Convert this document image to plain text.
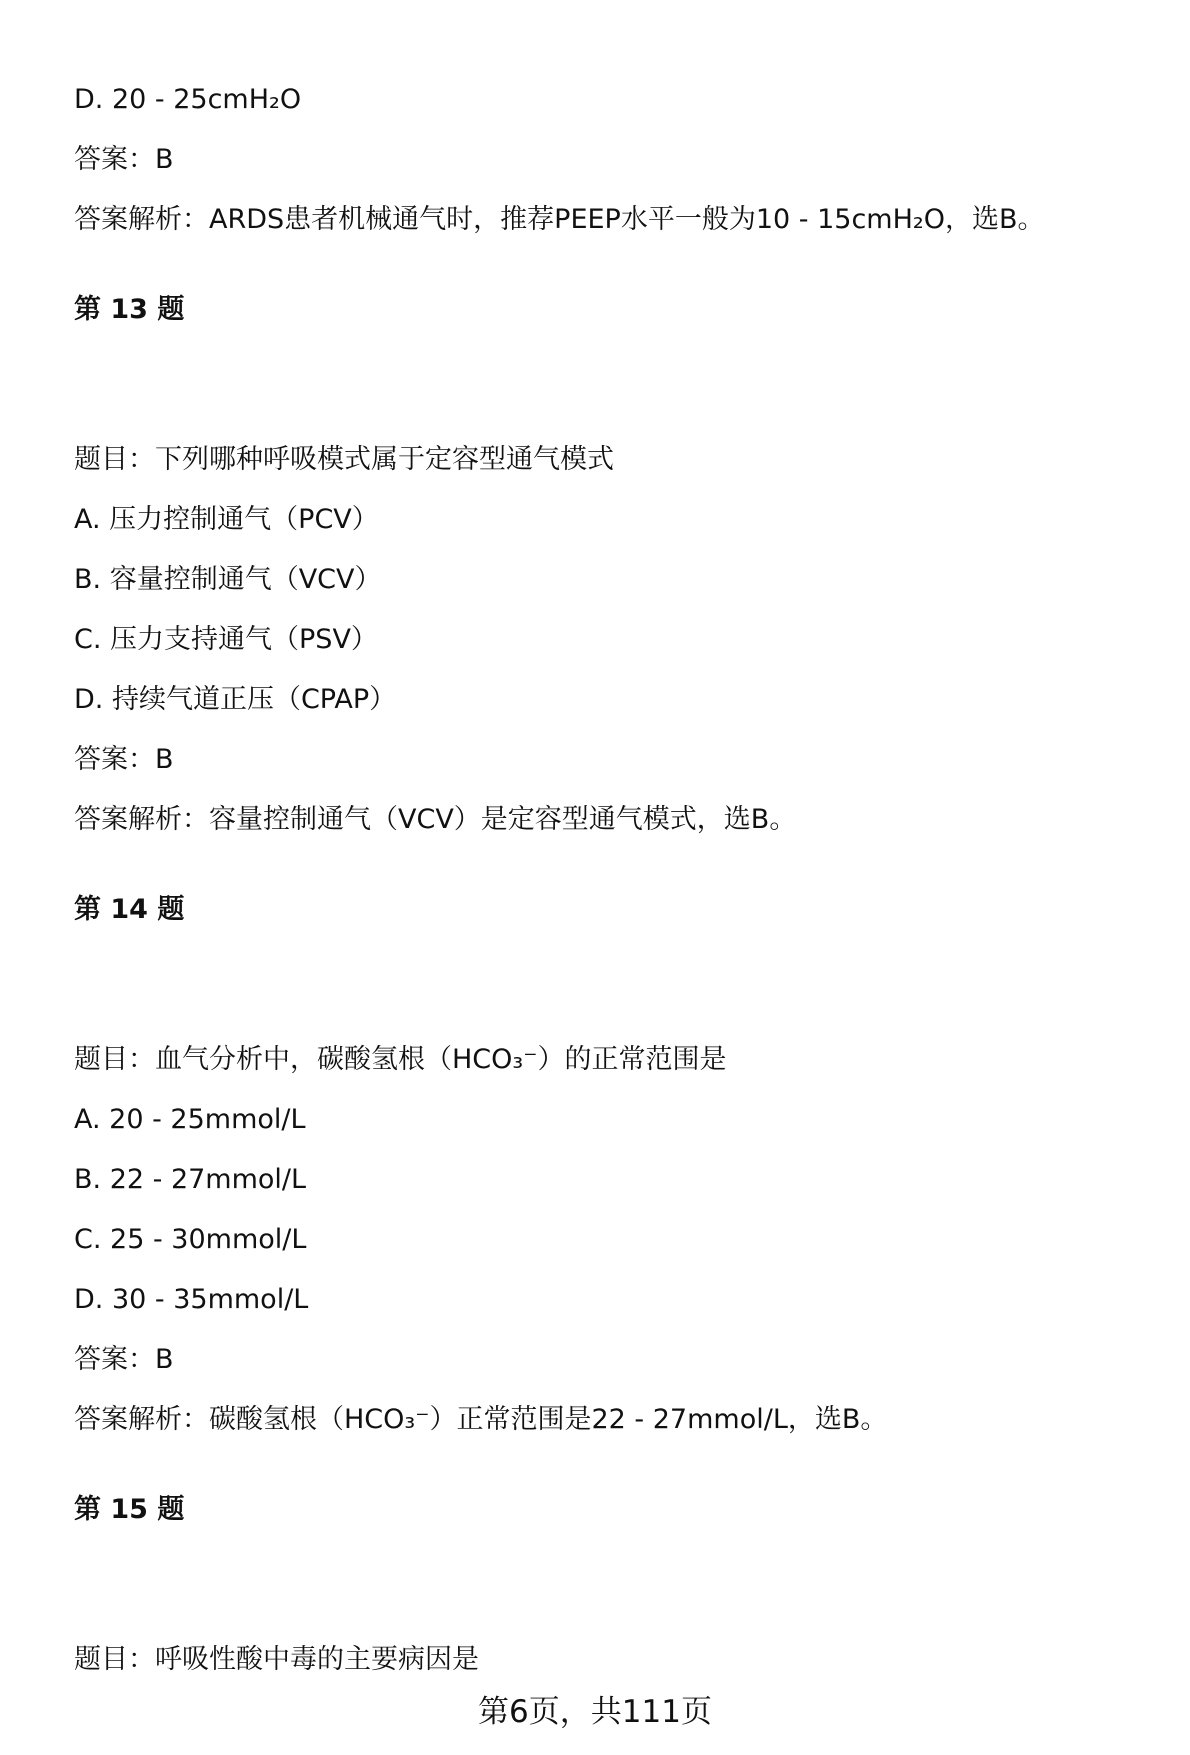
D. 20 - 25cmH₂O

答案：B

答案解析：ARDS患者机械通气时，推荐PEEP水平一般为10 - 15cmH₂O，选B。

第 13 题

题目：下列哪种呼吸模式属于定容型通气模式

A. 压力控制通气（PCV）

B. 容量控制通气（VCV）

C. 压力支持通气（PSV）

D. 持续气道正压（CPAP）

答案：B

答案解析：容量控制通气（VCV）是定容型通气模式，选B。

第 14 题

题目：血气分析中，碳酸氢根（HCO₃⁻）的正常范围是

A. 20 - 25mmol/L

B. 22 - 27mmol/L

C. 25 - 30mmol/L

D. 30 - 35mmol/L

答案：B

答案解析：碳酸氢根（HCO₃⁻）正常范围是22 - 27mmol/L，选B。

第 15 题

题目：呼吸性酸中毒的主要病因是

第6页，共111页
